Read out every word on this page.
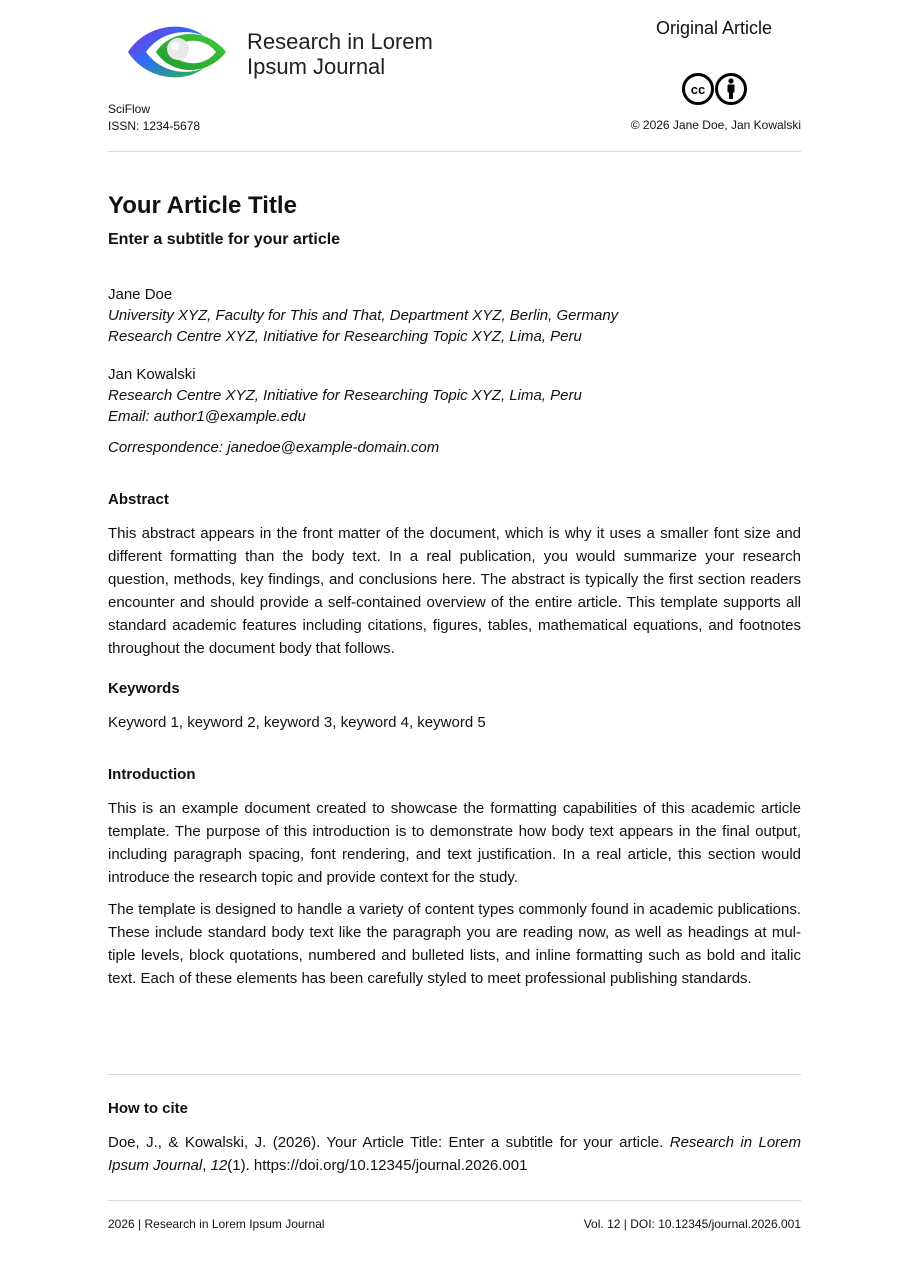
Research in Lorem
Ipsum Journal
SciFlow
ISSN: 1234-5678
Original Article
cc
© 2026 Jane Doe, Jan Kowalski
Your Article Title
Enter a subtitle for your article
Jane Doe
University XYZ, Faculty for This and That, Department XYZ, Berlin, Germany
Research Centre XYZ, Initiative for Researching Topic XYZ, Lima, Peru
Jan Kowalski
Research Centre XYZ, Initiative for Researching Topic XYZ, Lima, Peru
Email: author1@example.edu
Correspondence: janedoe@example-domain.com
Abstract

This abstract appears in the front matter of the document, which is why it uses a smaller font size and different formatting than the body text. In a real publication, you would summarize your research question, methods, key findings, and conclusions here. The abstract is typically the first section readers encounter and should provide a self-contained overview of the entire article. This template supports all standard academic features including citations, figures, tables, mathematical equations, and footnotes throughout the document body that follows.

Keywords

Keyword 1, keyword 2, keyword 3, keyword 4, keyword 5

Introduction

This is an example document created to showcase the formatting capabilities of this academic article template. The purpose of this introduction is to demonstrate how body text appears in the final output, including paragraph spacing, font rendering, and text justification. In a real article, this section would introduce the research topic and provide context for the study.

The template is designed to handle a variety of content types commonly found in academic publications. These include standard body text like the paragraph you are reading now, as well as headings at multiple levels, block quotations, numbered and bulleted lists, and inline formatting such as bold and italic text. Each of these elements has been carefully styled to meet professional publishing standards.

How to cite

Doe, J., & Kowalski, J. (2026). Your Article Title: Enter a subtitle for your article. Research in Lorem Ipsum Journal, 12(1). https://doi.org/10.12345/journal.2026.001

2026 | Research in Lorem Ipsum Journal	Vol. 12 | DOI: 10.12345/journal.2026.001
